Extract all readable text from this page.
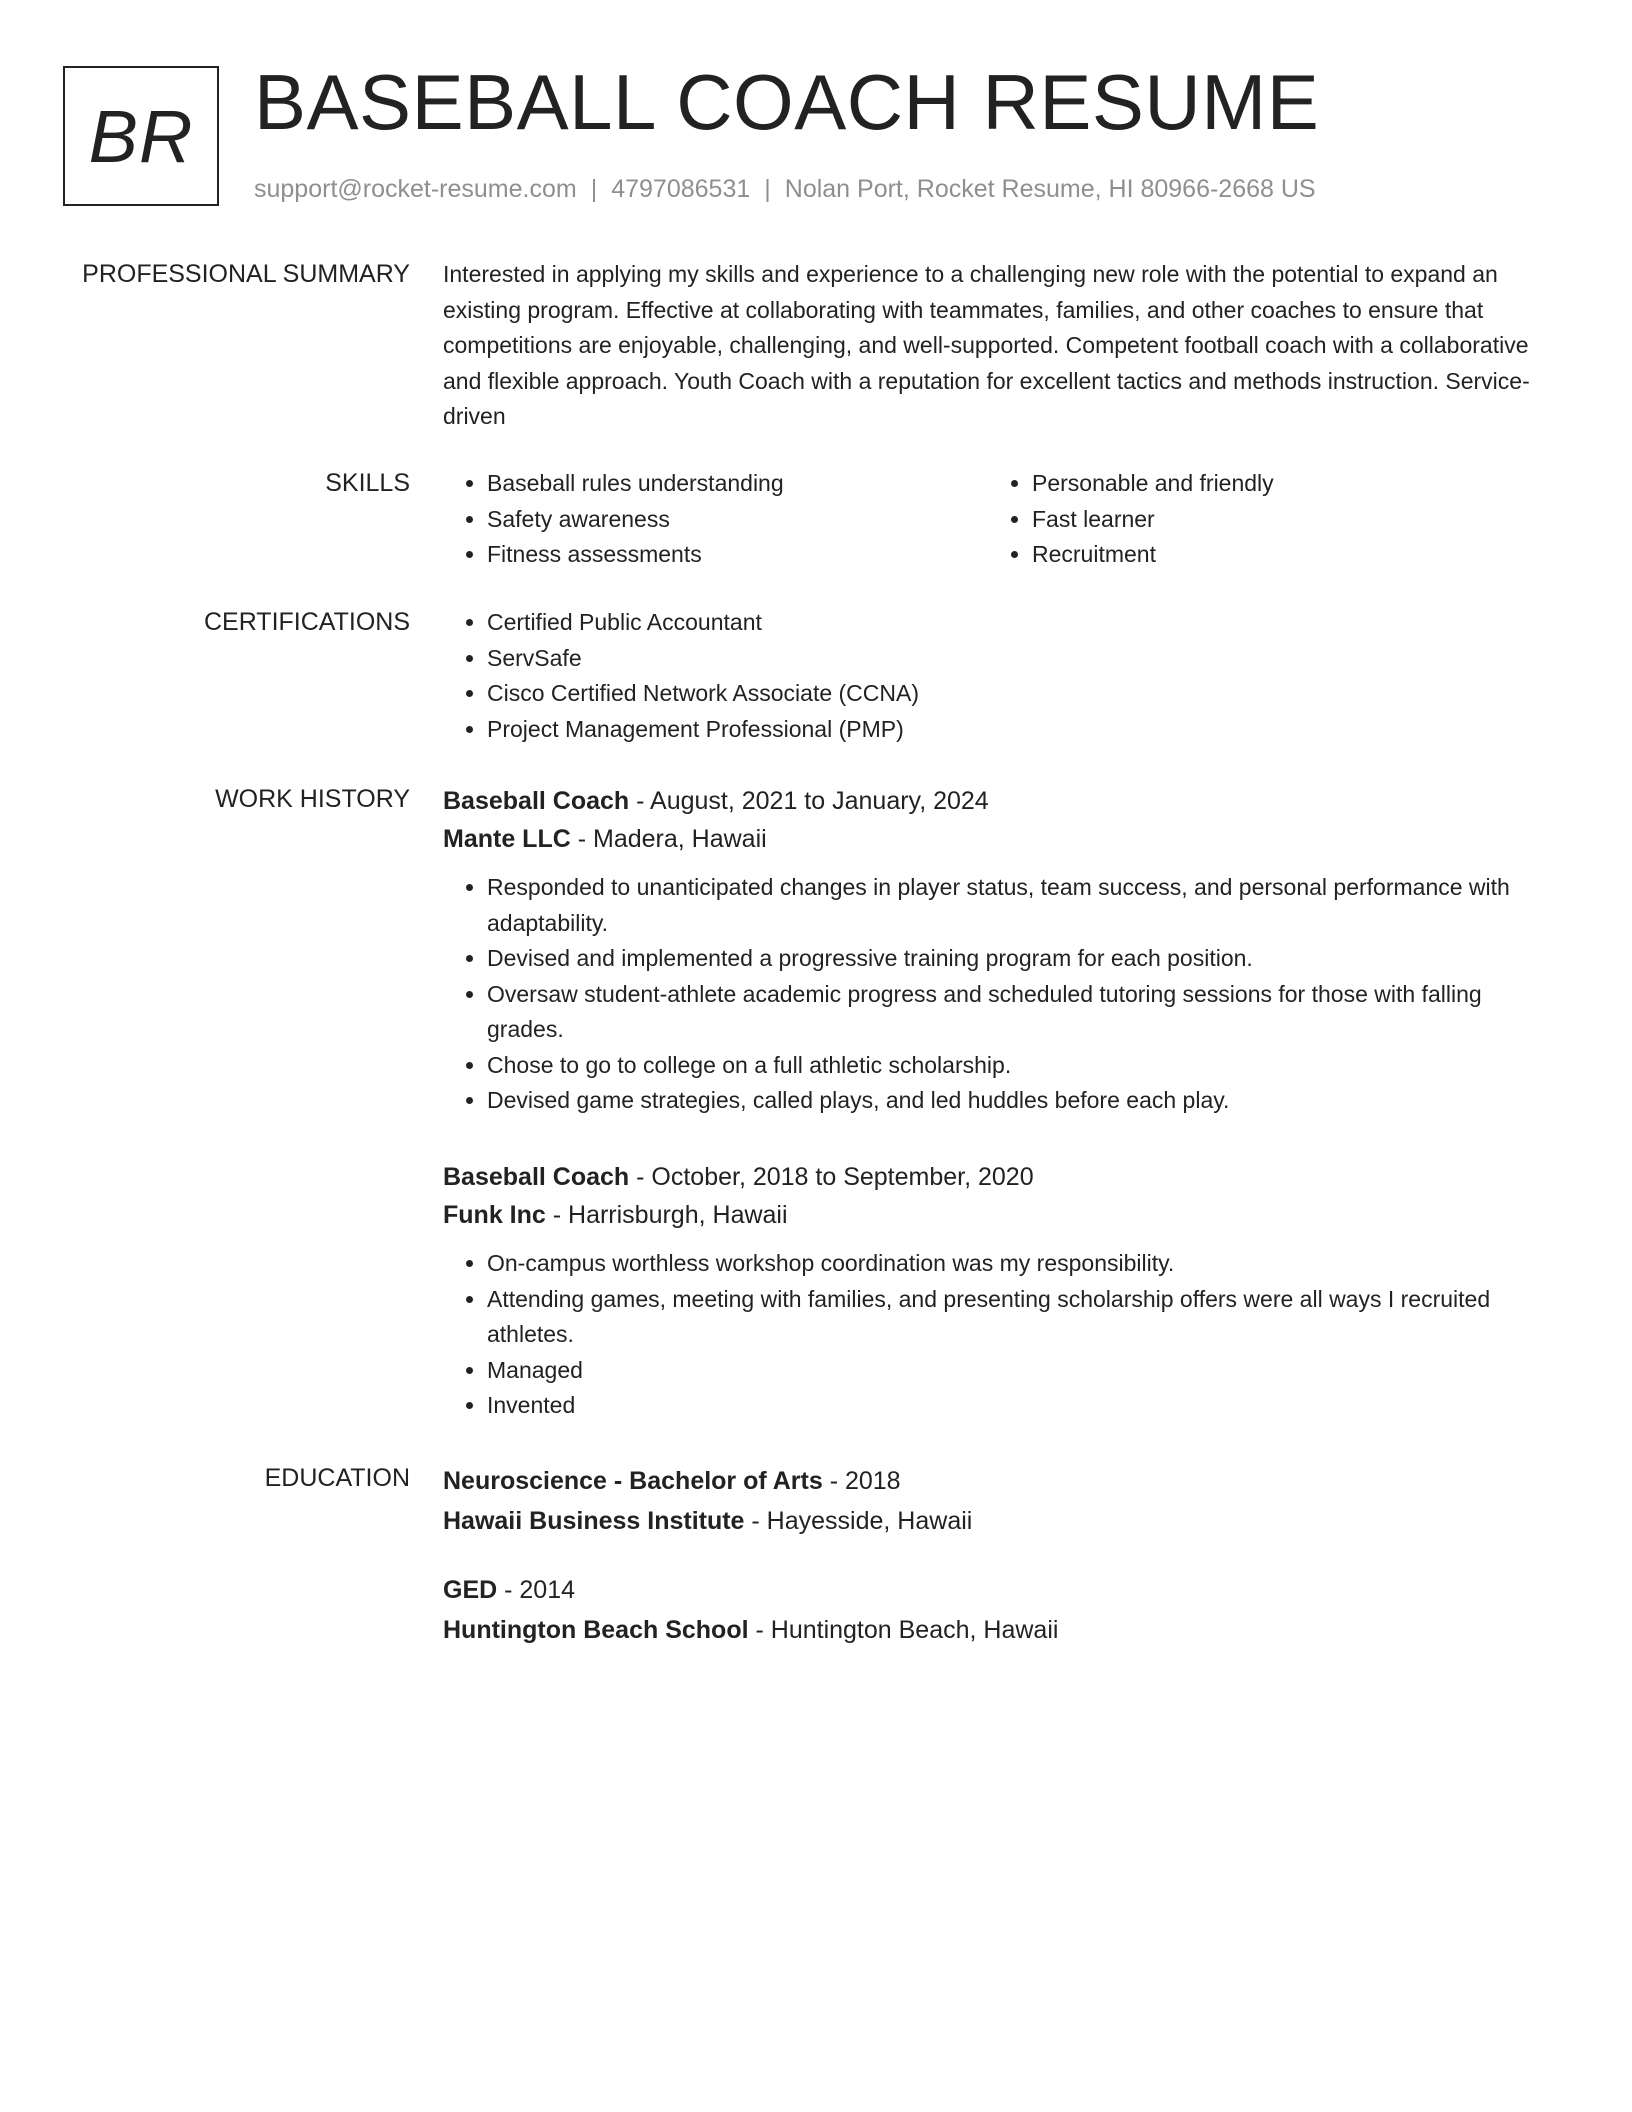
BR BASEBALL COACH RESUME
support@rocket-resume.com | 4797086531 | Nolan Port, Rocket Resume, HI 80966-2668 US
PROFESSIONAL SUMMARY Interested in applying my skills and experience to a challenging new role with the potential to expand an existing program. Effective at collaborating with teammates, families, and other coaches to ensure that competitions are enjoyable, challenging, and well-supported. Competent football coach with a collaborative and flexible approach. Youth Coach with a reputation for excellent tactics and methods instruction. Service-driven

SKILLS	• Baseball rules understanding
• Safety awareness
• Fitness assessments
• Personable and friendly
• Fast learner
• Recruitment
CERTIFICATIONS	• Certified Public Accountant
• ServSafe
• Cisco Certified Network Associate (CCNA)
• Project Management Professional (PMP)
WORK HISTORY Baseball Coach - August, 2021 to January, 2024
Mante LLC - Madera, Hawaii
• Responded to unanticipated changes in player status, team success, and personal performance with adaptability.
• Devised and implemented a progressive training program for each position.
• Oversaw student-athlete academic progress and scheduled tutoring sessions for those with falling grades.
• Chose to go to college on a full athletic scholarship.
• Devised game strategies, called plays, and led huddles before each play.
Baseball Coach - October, 2018 to September, 2020
Funk Inc - Harrisburgh, Hawaii
• On-campus worthless workshop coordination was my responsibility.
• Attending games, meeting with families, and presenting scholarship offers were all ways I recruited athletes.
• Managed
• Invented
EDUCATION Neuroscience - Bachelor of Arts - 2018
Hawaii Business Institute - Hayesside, Hawaii
GED - 2014
Huntington Beach School - Huntington Beach, Hawaii
